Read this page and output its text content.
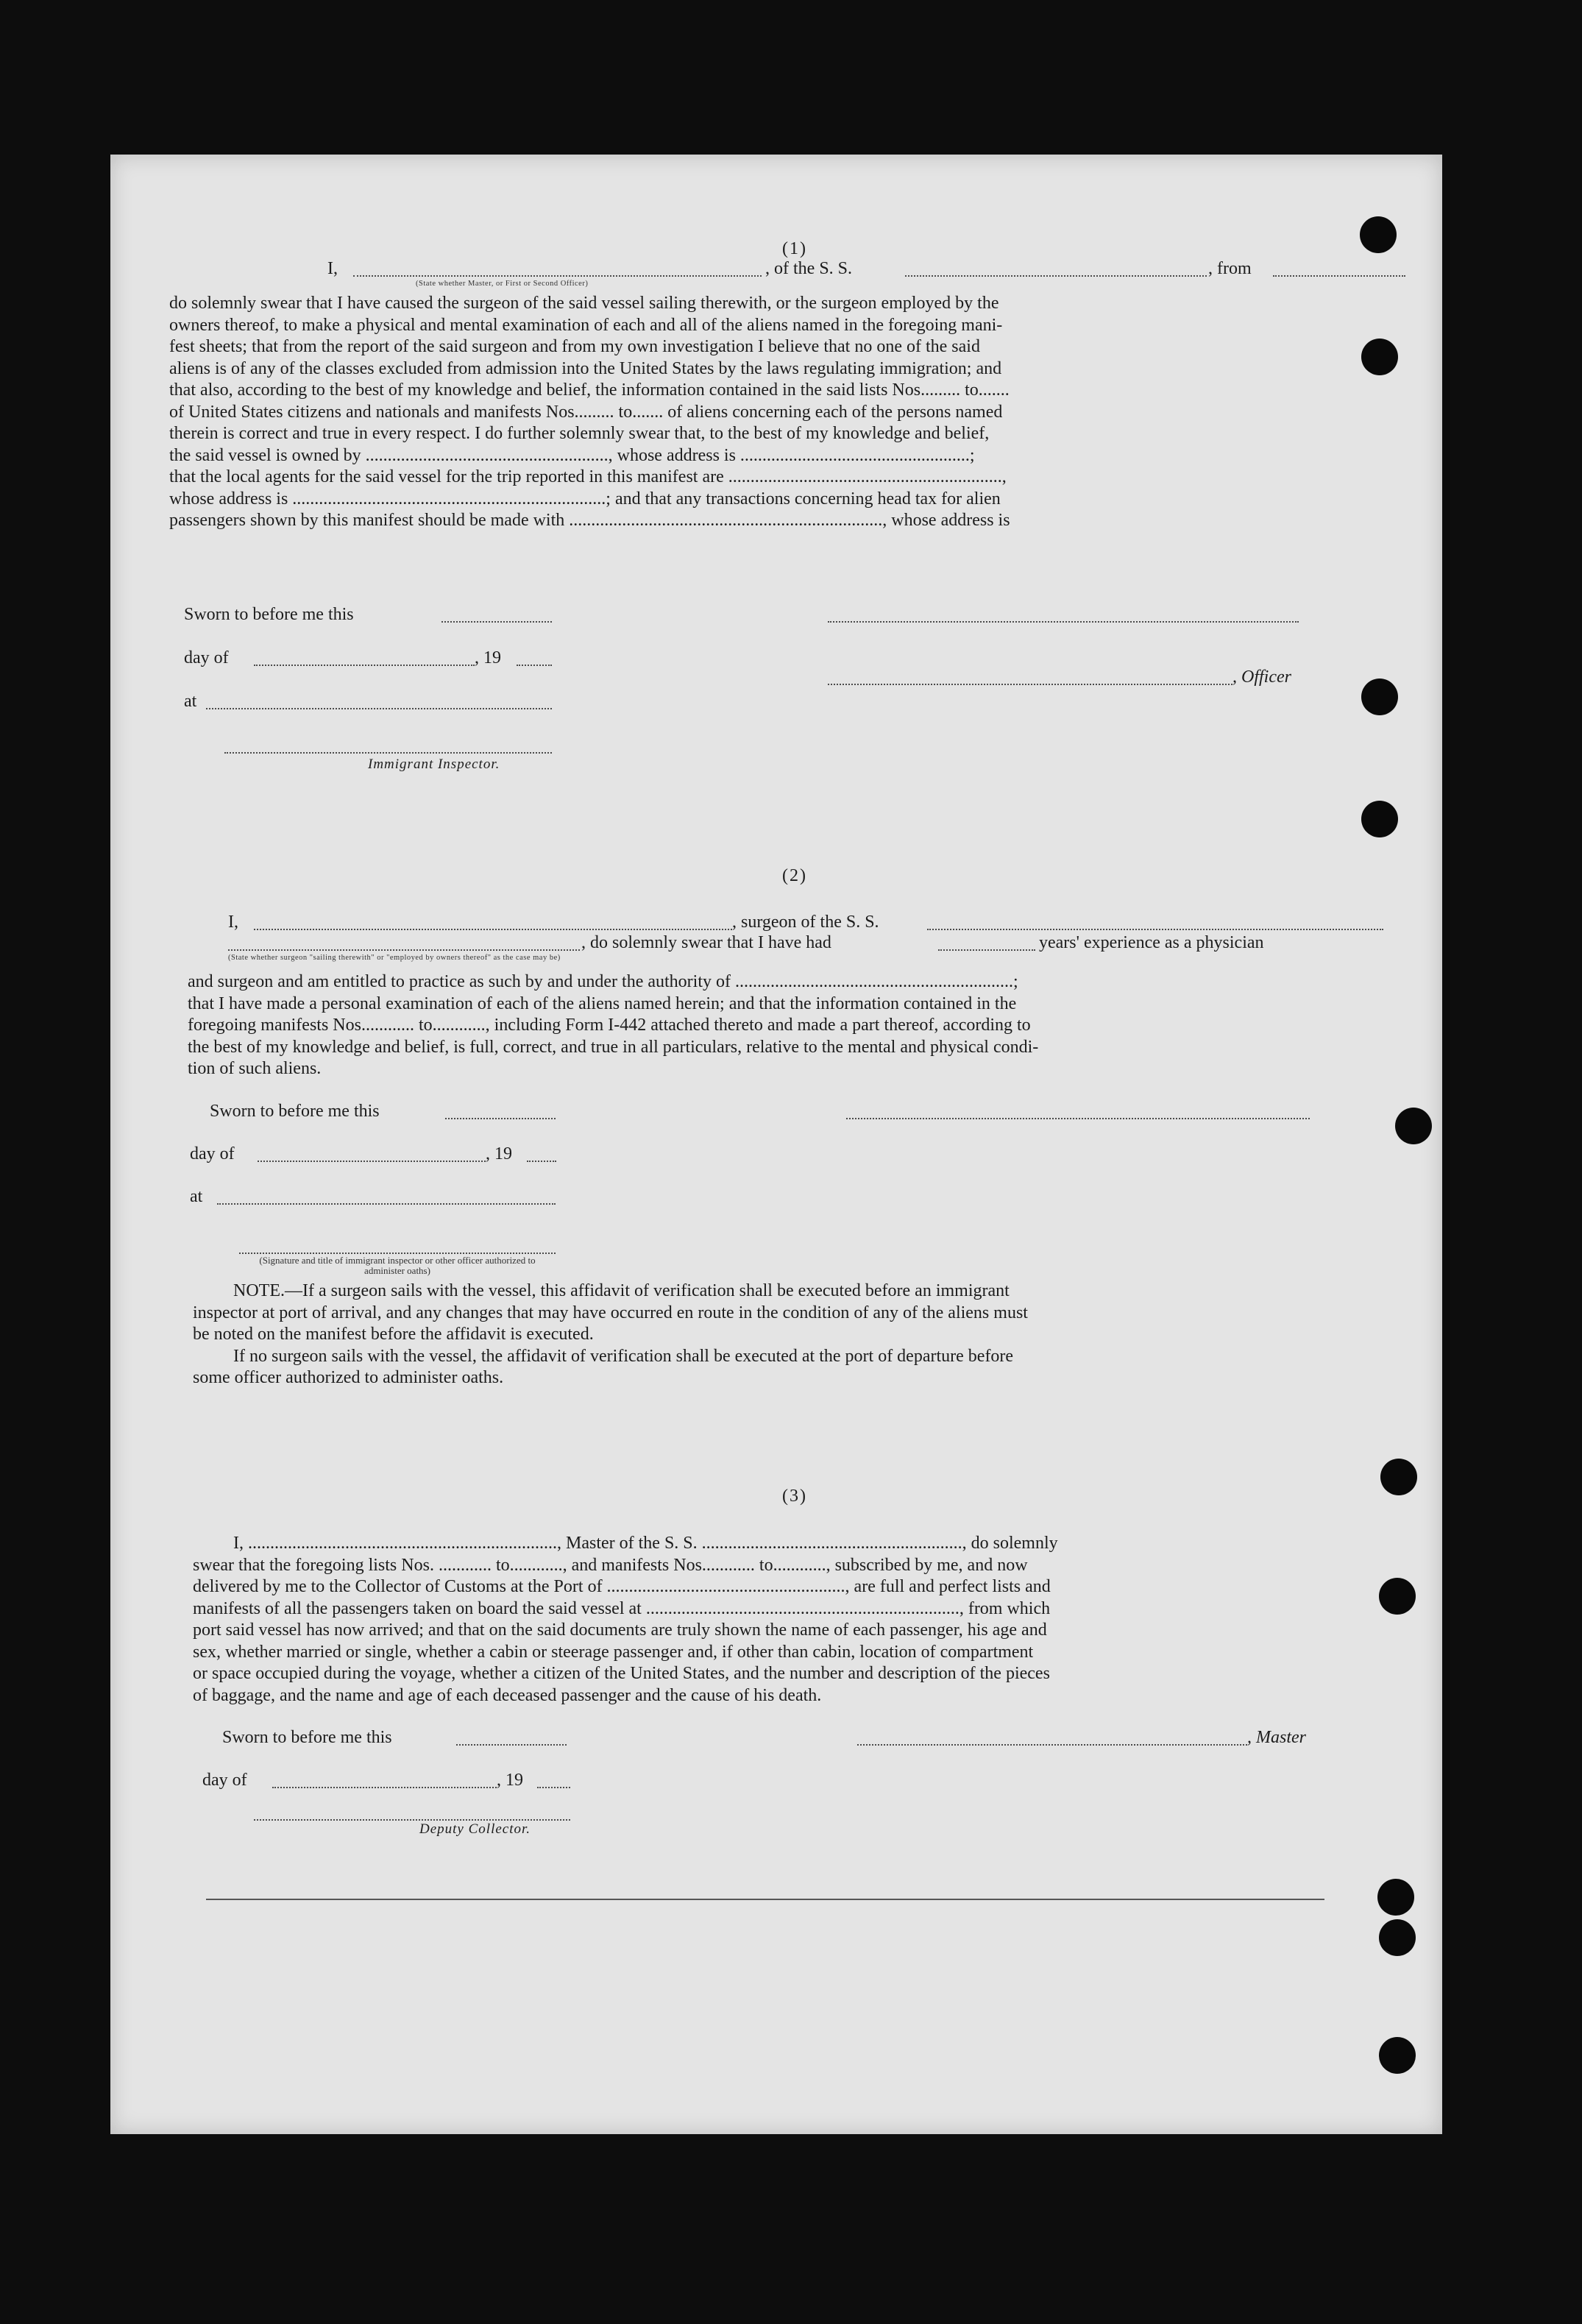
(1)
I,	, of the S. S.	, from
(State whether Master, or First or Second Officer)

do solemnly swear that I have caused the surgeon of the said vessel sailing therewith, or the surgeon employed by the

owners thereof, to make a physical and mental examination of each and all of the aliens named in the foregoing mani-

fest sheets; that from the report of the said surgeon and from my own investigation I believe that no one of the said

aliens is of any of the classes excluded from admission into the United States by the laws regulating immigration; and

that also, according to the best of my knowledge and belief, the information contained in the said lists Nos......... to.......

of United States citizens and nationals and manifests Nos......... to....... of aliens concerning each of the persons named

therein is correct and true in every respect. I do further solemnly swear that, to the best of my knowledge and belief,

the said vessel is owned by ......................................................., whose address is ....................................................;

that the local agents for the said vessel for the trip reported in this manifest are ..............................................................,

whose address is .......................................................................; and that any transactions concerning head tax for alien

passengers shown by this manifest should be made with ......................................................................., whose address is

Sworn to before me this
day of	, 19
, Officer
at
Immigrant Inspector.
(2)
I,	, surgeon of the S. S.
, do solemnly swear that I have had	years' experience as a physician
(State whether surgeon "sailing therewith" or "employed by owners thereof" as the case may be)

and surgeon and am entitled to practice as such by and under the authority of ...............................................................;

that I have made a personal examination of each of the aliens named herein; and that the information contained in the

foregoing manifests Nos............ to............, including Form I-442 attached thereto and made a part thereof, according to

the best of my knowledge and belief, is full, correct, and true in all particulars, relative to the mental and physical condi-

tion of such aliens.

Sworn to before me this
day of	, 19
at
(Signature and title of immigrant inspector or other officer authorized to administer oaths)

NOTE.—If a surgeon sails with the vessel, this affidavit of verification shall be executed before an immigrant

inspector at port of arrival, and any changes that may have occurred en route in the condition of any of the aliens must

be noted on the manifest before the affidavit is executed.

If no surgeon sails with the vessel, the affidavit of verification shall be executed at the port of departure before

some officer authorized to administer oaths.

(3)

I, ......................................................................, Master of the S. S. ..........................................................., do solemnly

swear that the foregoing lists Nos. ............ to............, and manifests Nos............ to............, subscribed by me, and now

delivered by me to the Collector of Customs at the Port of ......................................................, are full and perfect lists and

manifests of all the passengers taken on board the said vessel at ......................................................................., from which

port said vessel has now arrived; and that on the said documents are truly shown the name of each passenger, his age and

sex, whether married or single, whether a cabin or steerage passenger and, if other than cabin, location of compartment

or space occupied during the voyage, whether a citizen of the United States, and the number and description of the pieces

of baggage, and the name and age of each deceased passenger and the cause of his death.

Sworn to before me this	, Master
day of	, 19
Deputy Collector.
